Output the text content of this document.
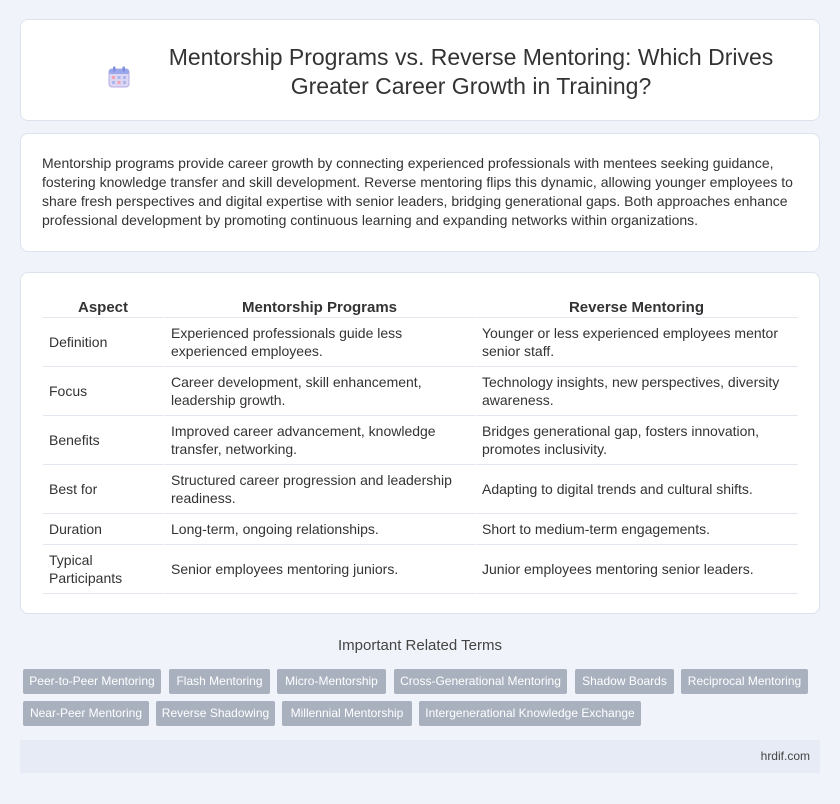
Mentorship Programs vs. Reverse Mentoring: Which Drives Greater Career Growth in Training?

Mentorship programs provide career growth by connecting experienced professionals with mentees seeking guidance, fostering knowledge transfer and skill development. Reverse mentoring flips this dynamic, allowing younger employees to share fresh perspectives and digital expertise with senior leaders, bridging generational gaps. Both approaches enhance professional development by promoting continuous learning and expanding networks within organizations.

Aspect	Mentorship Programs	Reverse Mentoring
Definition	Experienced professionals guide less experienced employees.	Younger or less experienced employees mentor senior staff.
Focus	Career development, skill enhancement, leadership growth.	Technology insights, new perspectives, diversity awareness.
Benefits	Improved career advancement, knowledge transfer, networking.	Bridges generational gap, fosters innovation, promotes inclusivity.
Best for	Structured career progression and leadership readiness.	Adapting to digital trends and cultural shifts.
Duration	Long-term, ongoing relationships.	Short to medium-term engagements.
Typical Participants	Senior employees mentoring juniors.	Junior employees mentoring senior leaders.
Important Related Terms
Peer-to-Peer Mentoring	Flash Mentoring	Micro-Mentorship	Cross-Generational Mentoring	Shadow Boards	Reciprocal Mentoring
Near-Peer Mentoring	Reverse Shadowing	Millennial Mentorship	Intergenerational Knowledge Exchange
hrdif.com
